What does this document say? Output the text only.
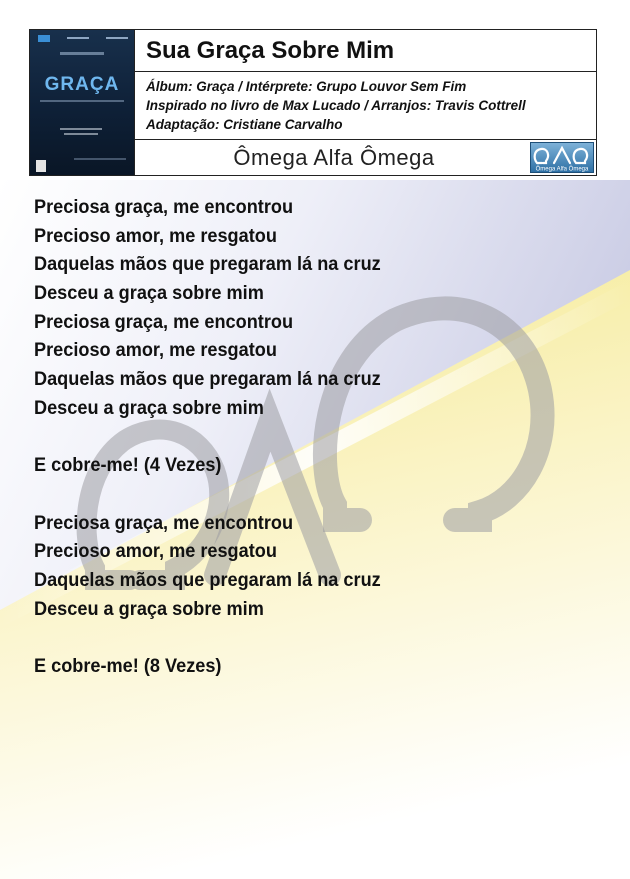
GRAÇA
Sua Graça Sobre Mim
Álbum: Graça / Intérprete: Grupo Louvor Sem Fim
Inspirado no livro de Max Lucado / Arranjos: Travis Cottrell
Adaptação: Cristiane Carvalho
Ômega Alfa Ômega	Ômega Alfa Ômega
Preciosa graça, me encontrou
Precioso amor, me resgatou
Daquelas mãos que pregaram lá na cruz
Desceu a graça sobre mim
Preciosa graça, me encontrou
Precioso amor, me resgatou
Daquelas mãos que pregaram lá na cruz
Desceu a graça sobre mim
E cobre-me! (4 Vezes)
Preciosa graça, me encontrou
Precioso amor, me resgatou
Daquelas mãos que pregaram lá na cruz
Desceu a graça sobre mim
E cobre-me! (8 Vezes)
